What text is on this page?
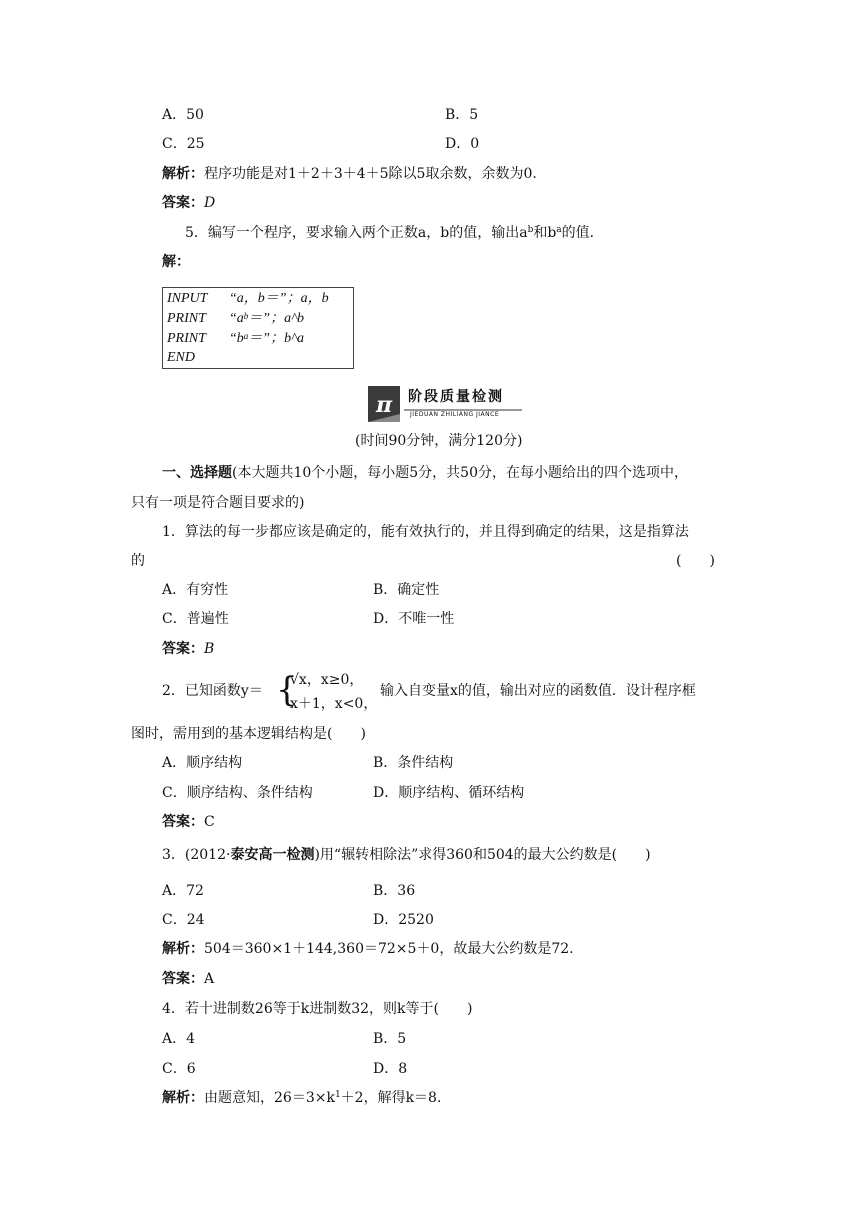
A．50	B．5
C．25	D．0
解析：程序功能是对1＋2＋3＋4＋5除以5取余数，余数为0.
答案：D
5．编写一个程序，要求输入两个正数a，b的值，输出$a^b$和$b^a$的值．
解：
INPUT “a，b＝”；a，b
PRINT “$a^b=$”；a^b
PRINT “$b^a=$”；b^a
END
π 阶段质量检测
JIEDUAN ZHILIANG JIANCE
(时间90分钟，满分120分)
一、选择题(本大题共10个小题，每小题5分，共50分，在每小题给出的四个选项中，
只有一项是符合题目要求的)
1．算法的每一步都应该是确定的，能有效执行的，并且得到确定的结果，这是指算法
的	(　　)
A．有穷性	B．确定性
C．普遍性	D．不唯一性
答案：B
2．已知函数y＝ {
√x，x≥0，
x＋1，x<0，
输入自变量x的值，输出对应的函数值．设计程序框
图时，需用到的基本逻辑结构是(　　)
A．顺序结构	B．条件结构
C．顺序结构、条件结构	D．顺序结构、循环结构
答案：C
3．(2012·泰安高一检测)用“辗转相除法”求得360和504的最大公约数是(　　)
A．72	B．36
C．24	D．2520
解析：504＝360×1＋144,360＝72×5＋0，故最大公约数是72.
答案：A
4．若十进制数26等于k进制数32，则k等于(　　)
A．4	B．5
C．6	D．8
解析：由题意知，$26=3\times k^1+2$，解得k＝8.
